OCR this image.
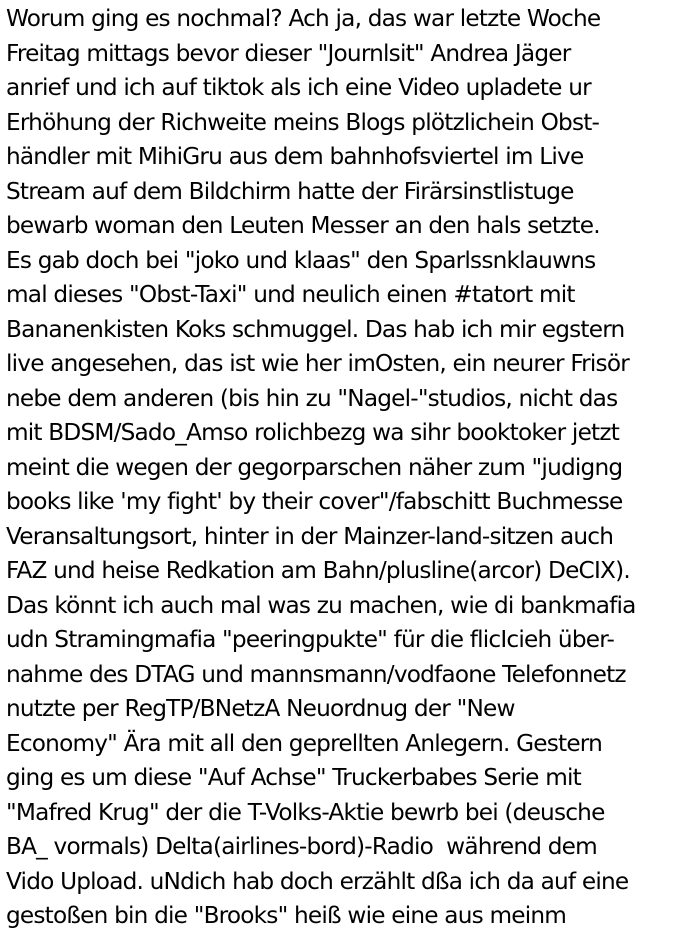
Worum ging es nochmal? Ach ja, das war letzte Woche
Freitag mittags bevor dieser "Journlsit" Andrea Jäger
anrief und ich auf tiktok als ich eine Video upladete ur
Erhöhung der Richweite meins Blogs plötzlichein Obst-
händler mit MihiGru aus dem bahnhofsviertel im Live
Stream auf dem Bildchirm hatte der Firärsinstlistuge
bewarb woman den Leuten Messer an den hals setzte.
Es gab doch bei "joko und klaas" den Sparlssnklauwns
mal dieses "Obst-Taxi" und neulich einen #tatort mit
Bananenkisten Koks schmuggel. Das hab ich mir egstern
live angesehen, das ist wie her imOsten, ein neurer Frisör
nebe dem anderen (bis hin zu "Nagel-"studios, nicht das
mit BDSM/Sado_Amso rolichbezg wa sihr booktoker jetzt
meint die wegen der gegorparschen näher zum "judigng
books like 'my fight' by their cover"/fabschitt Buchmesse
Veransaltungsort, hinter in der Mainzer-land-sitzen auch
FAZ und heise Redkation am Bahn/plusline(arcor) DeCIX).
Das könnt ich auch mal was zu machen, wie di bankmafia
udn Stramingmafia "peeringpukte" für die flicIcieh über-
nahme des DTAG und mannsmann/vodfaone Telefonnetz
nutzte per RegTP/BNetzA Neuordnug der "New
Economy" Ära mit all den geprellten Anlegern. Gestern
ging es um diese "Auf Achse" Truckerbabes Serie mit
"Mafred Krug" der die T-Volks-Aktie bewrb bei (deusche
BA_ vormals) Delta(airlines-bord)-Radio  während dem
Vido Upload. uNdich hab doch erzählt dßa ich da auf eine
gestoßen bin die "Brooks" heiß wie eine aus meinm
